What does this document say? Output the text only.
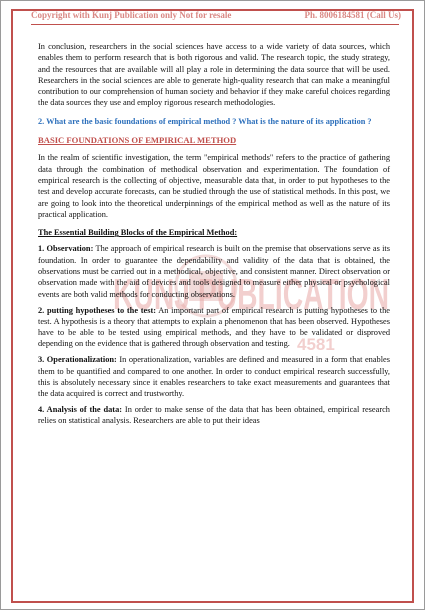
Copyright with Kunj Publication only Not for resale	Ph. 8006184581 (Call Us)
KUNJ PUBLICATION
4581

In conclusion, researchers in the social sciences have access to a wide variety of data sources, which enables them to perform research that is both rigorous and valid. The research topic, the study strategy, and the resources that are available will all play a role in determining the data source that will be used. Researchers in the social sciences are able to generate high-quality research that can make a meaningful contribution to our comprehension of human society and behavior if they make careful choices regarding the data sources they use and employ rigorous research methodologies.

2. What are the basic foundations of empirical method ? What is the nature of its application ?

BASIC FOUNDATIONS OF EMPIRICAL METHOD

In the realm of scientific investigation, the term "empirical methods" refers to the practice of gathering data through the combination of methodical observation and experimentation. The foundation of empirical research is the collecting of objective, measurable data that, in order to put hypotheses to the test and develop accurate forecasts, can be studied through the use of statistical methods. In this post, we are going to look into the theoretical underpinnings of the empirical method as well as the nature of its practical application.

The Essential Building Blocks of the Empirical Method:

1. Observation: The approach of empirical research is built on the premise that observations serve as its foundation. In order to guarantee the dependability and validity of the data that is obtained, the observations must be carried out in a methodical, objective, and consistent manner. Direct observation or observation made with the aid of devices and tools designed to measure either physical or psychological events are both valid methods for conducting observations.

2. putting hypotheses to the test: An important part of empirical research is putting hypotheses to the test. A hypothesis is a theory that attempts to explain a phenomenon that has been observed. Hypotheses have to be able to be tested using empirical methods, and they have to be validated or disproved depending on the evidence that is gathered through observation and testing.

3. Operationalization: In operationalization, variables are defined and measured in a form that enables them to be quantified and compared to one another. In order to conduct empirical research successfully, this is absolutely necessary since it enables researchers to take exact measurements and guarantees that the data acquired is correct and trustworthy.

4. Analysis of the data: In order to make sense of the data that has been obtained, empirical research relies on statistical analysis. Researchers are able to put their ideas
